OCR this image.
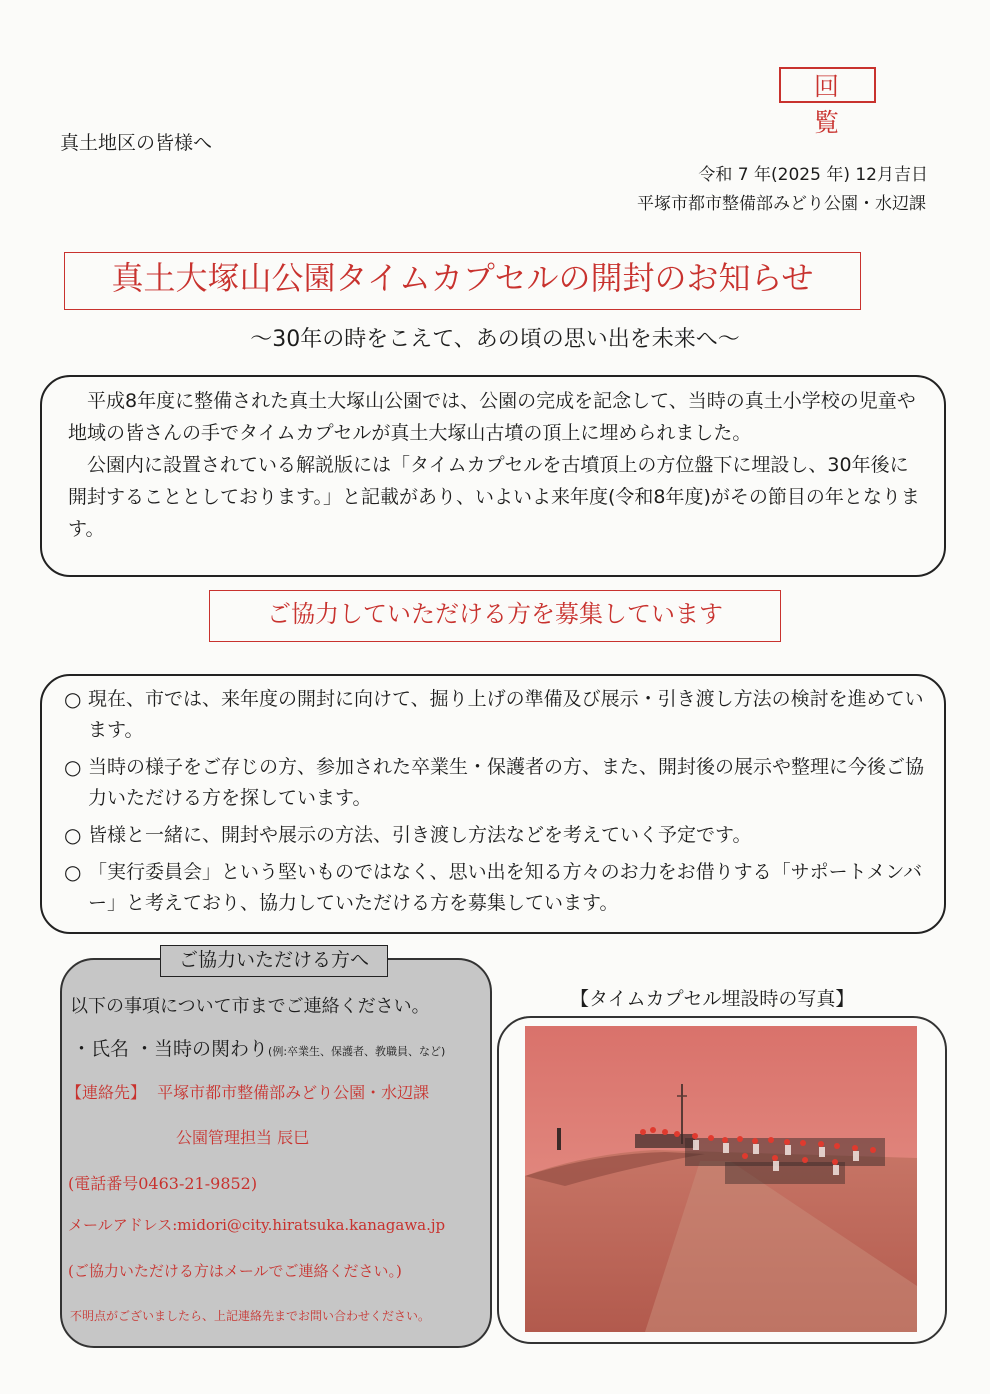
回覧
真土地区の皆様へ
令和 7 年(2025 年) 12月吉日
平塚市都市整備部みどり公園・水辺課
真土大塚山公園タイムカプセルの開封のお知らせ
〜30年の時をこえて、あの頃の思い出を未来へ〜

平成8年度に整備された真土大塚山公園では、公園の完成を記念して、当時の真土小学校の児童や地域の皆さんの手でタイムカプセルが真土大塚山古墳の頂上に埋められました。

公園内に設置されている解説版には「タイムカプセルを古墳頂上の方位盤下に埋設し、30年後に開封することとしております。」と記載があり、いよいよ来年度(令和8年度)がその節目の年となります。

ご協力していただける方を募集しています
○ 現在、市では、来年度の開封に向けて、掘り上げの準備及び展示・引き渡し方法の検討を進めています。
○ 当時の様子をご存じの方、参加された卒業生・保護者の方、また、開封後の展示や整理に今後ご協力いただける方を探しています。
○ 皆様と一緒に、開封や展示の方法、引き渡し方法などを考えていく予定です。
○ 「実行委員会」という堅いものではなく、思い出を知る方々のお力をお借りする「サポートメンバー」と考えており、協力していただける方を募集しています。
ご協力いただける方へ
以下の事項について市までご連絡ください。
・氏名 ・当時の関わり(例:卒業生、保護者、教職員、など)
【連絡先】 平塚市都市整備部みどり公園・水辺課
公園管理担当 辰巳
(電話番号0463-21-9852)
メールアドレス:midori@city.hiratsuka.kanagawa.jp
(ご協力いただける方はメールでご連絡ください。)
不明点がございましたら、上記連絡先までお問い合わせください。
【タイムカプセル埋設時の写真】
